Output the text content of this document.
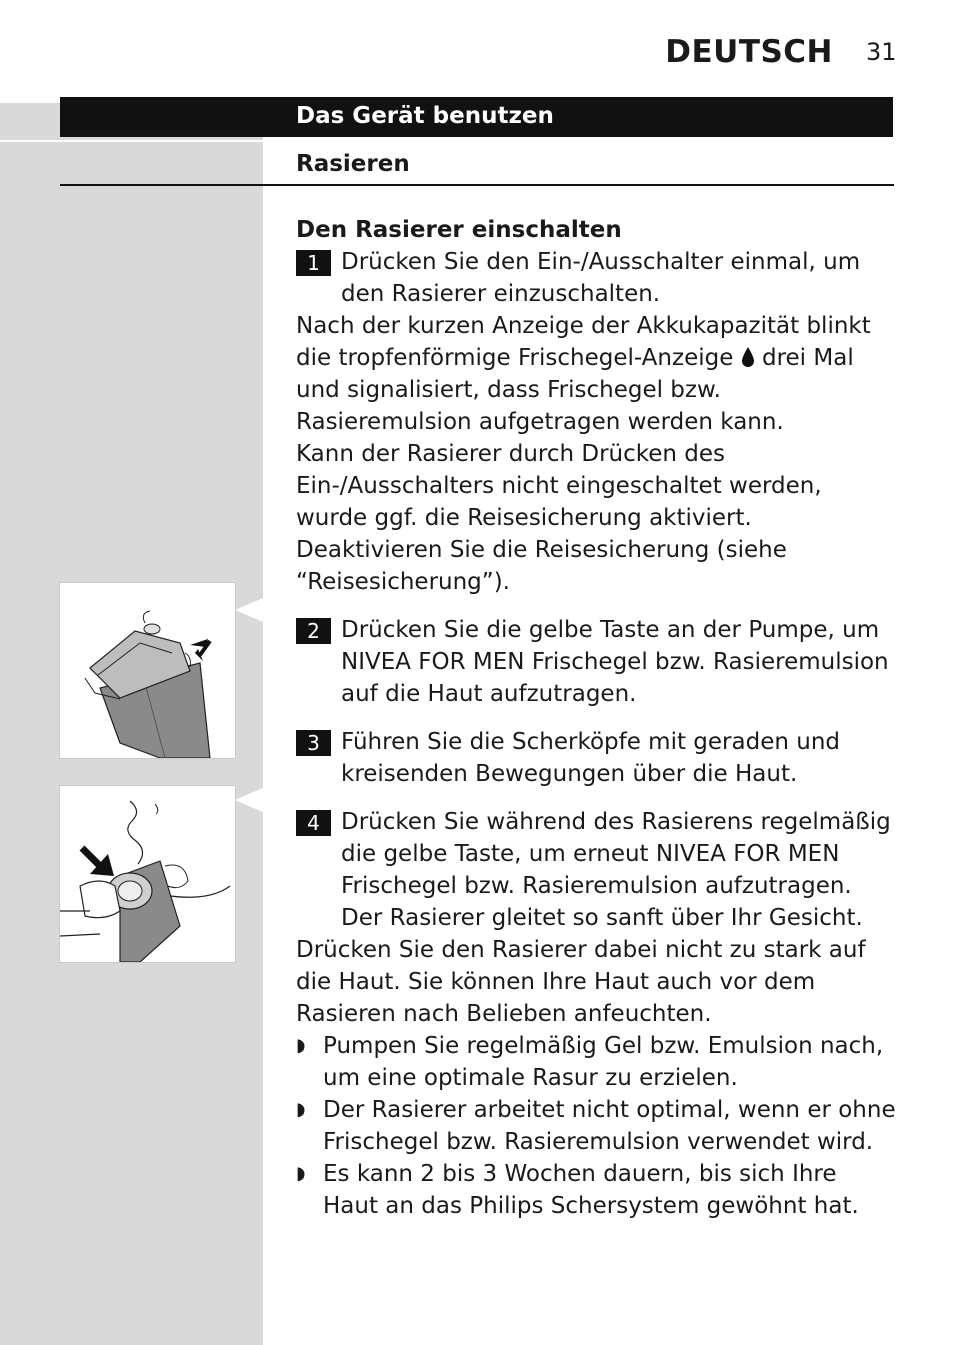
DEUTSCH 31
Das Gerät benutzen
Rasieren

Den Rasierer einschalten

1 Drücken Sie den Ein-/Ausschalter einmal, um den Rasierer einzuschalten.

Nach der kurzen Anzeige der Akkukapazität blinkt die tropfenförmige Frischegel-Anzeige drei Mal und signalisiert, dass Frischegel bzw. Rasieremulsion aufgetragen werden kann.

Kann der Rasierer durch Drücken des Ein-/Ausschalters nicht eingeschaltet werden, wurde ggf. die Reisesicherung aktiviert. Deaktivieren Sie die Reisesicherung (siehe “Reisesicherung”).

2 Drücken Sie die gelbe Taste an der Pumpe, um NIVEA FOR MEN Frischegel bzw. Rasieremulsion auf die Haut aufzutragen.

3 Führen Sie die Scherköpfe mit geraden und kreisenden Bewegungen über die Haut.

4 Drücken Sie während des Rasierens regelmäßig die gelbe Taste, um erneut NIVEA FOR MEN Frischegel bzw. Rasieremulsion aufzutragen. Der Rasierer gleitet so sanft über Ihr Gesicht.

Drücken Sie den Rasierer dabei nicht zu stark auf die Haut. Sie können Ihre Haut auch vor dem Rasieren nach Belieben anfeuchten.

◗ Pumpen Sie regelmäßig Gel bzw. Emulsion nach, um eine optimale Rasur zu erzielen.

◗ Der Rasierer arbeitet nicht optimal, wenn er ohne Frischegel bzw. Rasieremulsion verwendet wird.

◗ Es kann 2 bis 3 Wochen dauern, bis sich Ihre Haut an das Philips Schersystem gewöhnt hat.
